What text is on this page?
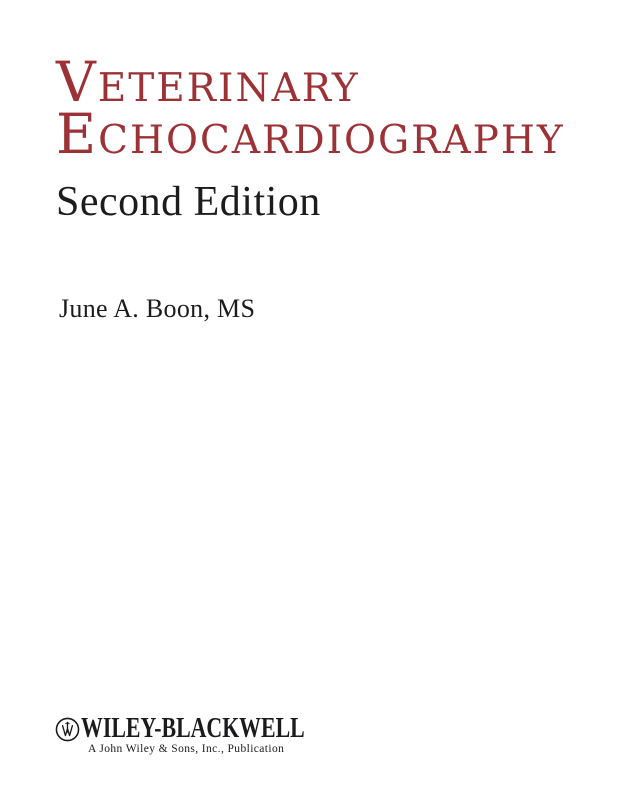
Veterinary
Echocardiography
Second Edition
June A. Boon, MS
WILEY-BLACKWELL
A John Wiley & Sons, Inc., Publication
